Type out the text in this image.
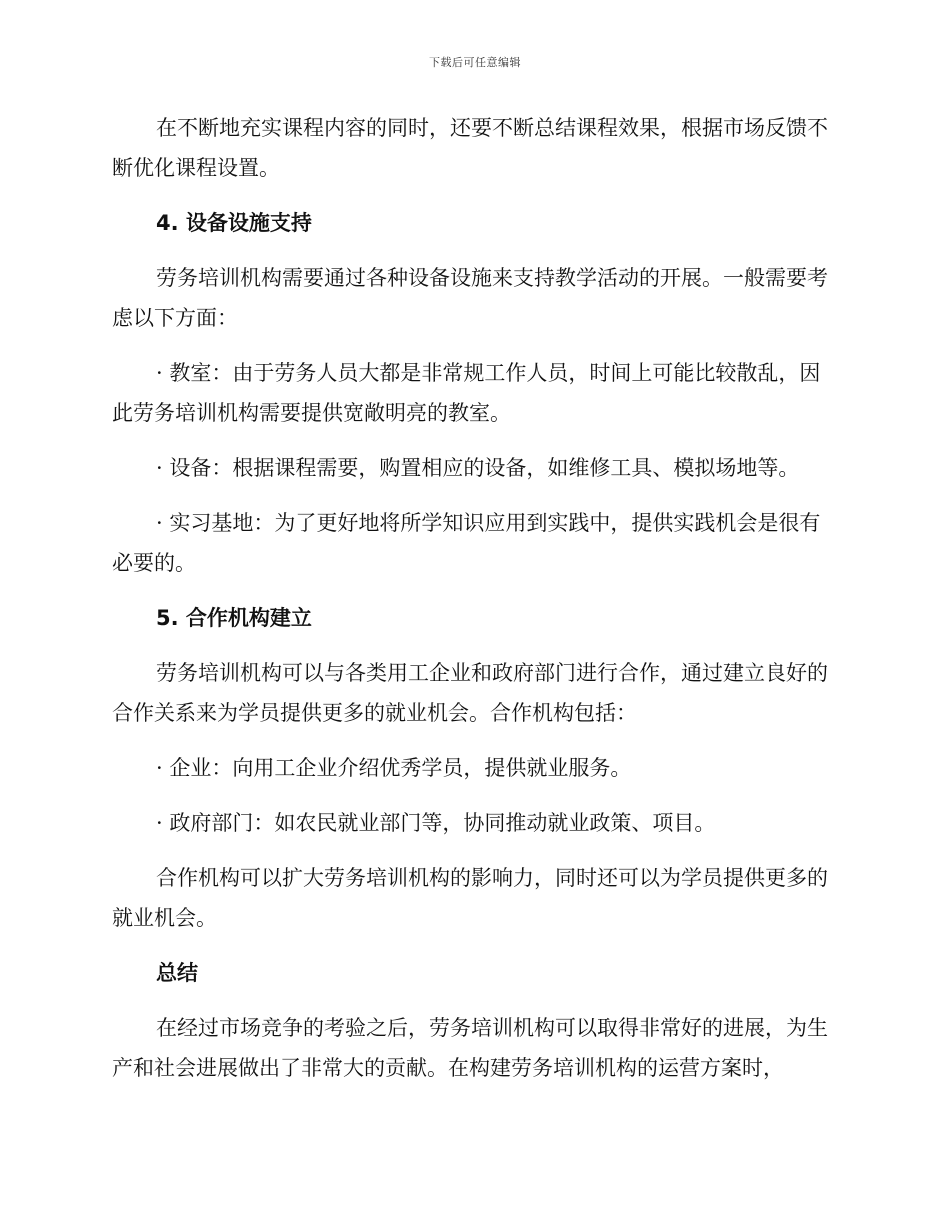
下载后可任意编辑

在不断地充实课程内容的同时，还要不断总结课程效果，根据市场反馈不断优化课程设置。

4. 设备设施支持

劳务培训机构需要通过各种设备设施来支持教学活动的开展。一般需要考虑以下方面：

· 教室：由于劳务人员大都是非常规工作人员，时间上可能比较散乱，因此劳务培训机构需要提供宽敞明亮的教室。

· 设备：根据课程需要，购置相应的设备，如维修工具、模拟场地等。

· 实习基地：为了更好地将所学知识应用到实践中，提供实践机会是很有必要的。

5. 合作机构建立

劳务培训机构可以与各类用工企业和政府部门进行合作，通过建立良好的合作关系来为学员提供更多的就业机会。合作机构包括：

· 企业：向用工企业介绍优秀学员，提供就业服务。

· 政府部门：如农民就业部门等，协同推动就业政策、项目。

合作机构可以扩大劳务培训机构的影响力，同时还可以为学员提供更多的就业机会。

总结

在经过市场竞争的考验之后，劳务培训机构可以取得非常好的进展，为生产和社会进展做出了非常大的贡献。在构建劳务培训机构的运营方案时，
